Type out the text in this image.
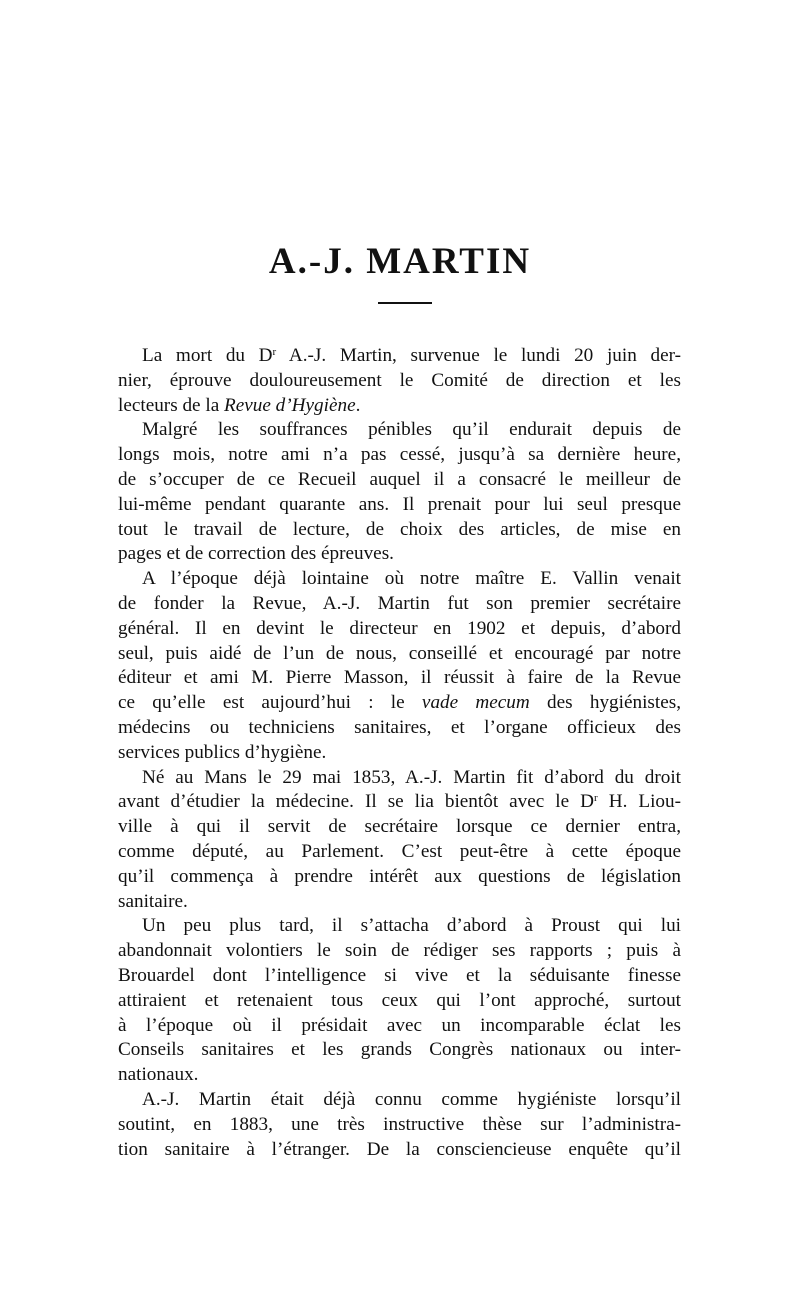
A.-J. MARTIN
La mort du $D^r$ A.-J. Martin, survenue le lundi 20 juin der-
nier, éprouve douloureusement le Comité de direction et les
lecteurs de la Revue d’Hygiène.
Malgré les souffrances pénibles qu’il endurait depuis de
longs mois, notre ami n’a pas cessé, jusqu’à sa dernière heure,
de s’occuper de ce Recueil auquel il a consacré le meilleur de
lui-même pendant quarante ans. Il prenait pour lui seul presque
tout le travail de lecture, de choix des articles, de mise en
pages et de correction des épreuves.
A l’époque déjà lointaine où notre maître E. Vallin venait
de fonder la Revue, A.-J. Martin fut son premier secrétaire
général. Il en devint le directeur en 1902 et depuis, d’abord
seul, puis aidé de l’un de nous, conseillé et encouragé par notre
éditeur et ami M. Pierre Masson, il réussit à faire de la Revue
ce qu’elle est aujourd’hui : le vade mecum des hygiénistes,
médecins ou techniciens sanitaires, et l’organe officieux des
services publics d’hygiène.
Né au Mans le 29 mai 1853, A.-J. Martin fit d’abord du droit
avant d’étudier la médecine. Il se lia bientôt avec le $D^r$ H. Liou-
ville à qui il servit de secrétaire lorsque ce dernier entra,
comme député, au Parlement. C’est peut-être à cette époque
qu’il commença à prendre intérêt aux questions de législation
sanitaire.
Un peu plus tard, il s’attacha d’abord à Proust qui lui
abandonnait volontiers le soin de rédiger ses rapports ; puis à
Brouardel dont l’intelligence si vive et la séduisante finesse
attiraient et retenaient tous ceux qui l’ont approché, surtout
à l’époque où il présidait avec un incomparable éclat les
Conseils sanitaires et les grands Congrès nationaux ou inter-
nationaux.
A.-J. Martin était déjà connu comme hygiéniste lorsqu’il
soutint, en 1883, une très instructive thèse sur l’administra-
tion sanitaire à l’étranger. De la consciencieuse enquête qu’il
